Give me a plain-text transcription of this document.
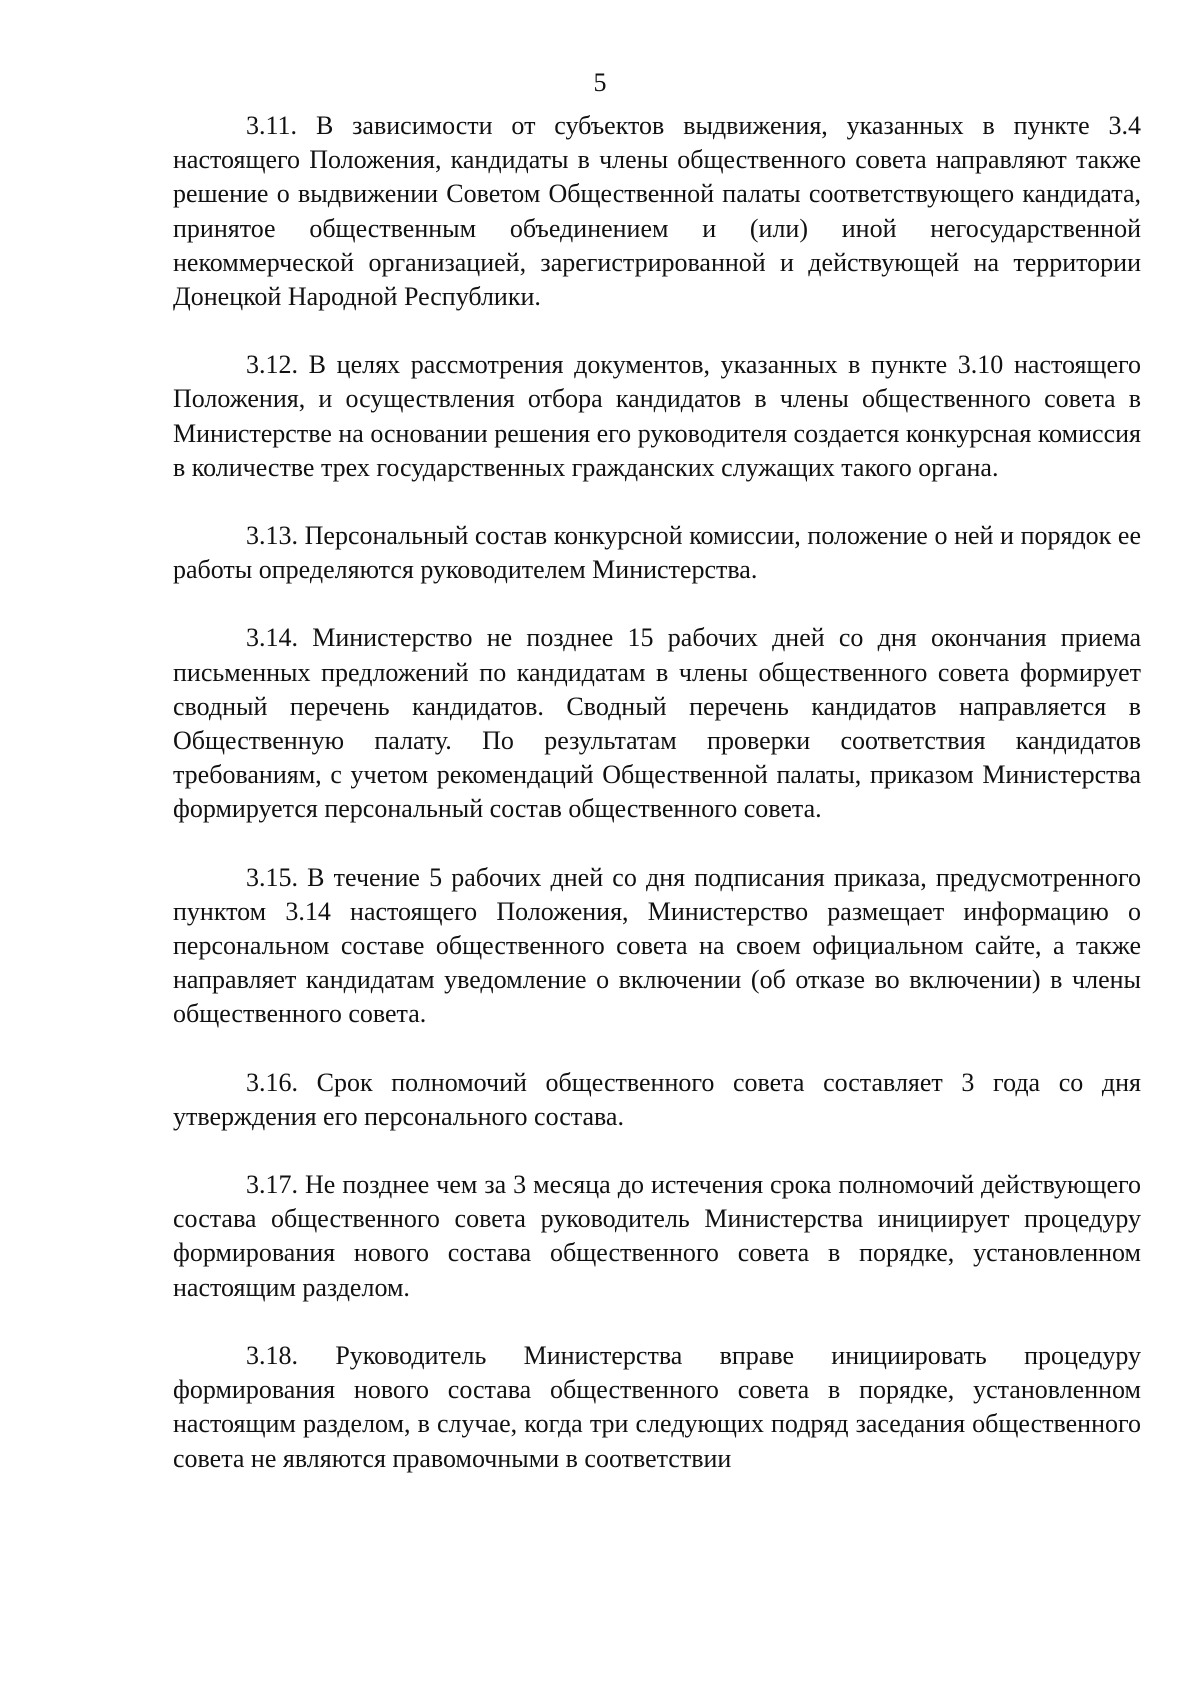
5

3.11. В зависимости от субъектов выдвижения, указанных в пункте 3.4 настоящего Положения, кандидаты в члены общественного совета направляют также решение о выдвижении Советом Общественной палаты соответствующего кандидата, принятое общественным объединением и (или) иной негосударственной некоммерческой организацией, зарегистрированной и действующей на территории Донецкой Народной Республики.

3.12. В целях рассмотрения документов, указанных в пункте 3.10 настоящего Положения, и осуществления отбора кандидатов в члены общественного совета в Министерстве на основании решения его руководителя создается конкурсная комиссия в количестве трех государственных гражданских служащих такого органа.

3.13. Персональный состав конкурсной комиссии, положение о ней и порядок ее работы определяются руководителем Министерства.

3.14. Министерство не позднее 15 рабочих дней со дня окончания приема письменных предложений по кандидатам в члены общественного совета формирует сводный перечень кандидатов. Сводный перечень кандидатов направляется в Общественную палату. По результатам проверки соответствия кандидатов требованиям, с учетом рекомендаций Общественной палаты, приказом Министерства формируется персональный состав общественного совета.

3.15. В течение 5 рабочих дней со дня подписания приказа, предусмотренного пунктом 3.14 настоящего Положения, Министерство размещает информацию о персональном составе общественного совета на своем официальном сайте, а также направляет кандидатам уведомление о включении (об отказе во включении) в члены общественного совета.

3.16. Срок полномочий общественного совета составляет 3 года со дня утверждения его персонального состава.

3.17. Не позднее чем за 3 месяца до истечения срока полномочий действующего состава общественного совета руководитель Министерства инициирует процедуру формирования нового состава общественного совета в порядке, установленном настоящим разделом.

3.18. Руководитель Министерства вправе инициировать процедуру формирования нового состава общественного совета в порядке, установленном настоящим разделом, в случае, когда три следующих подряд заседания общественного совета не являются правомочными в соответствии
